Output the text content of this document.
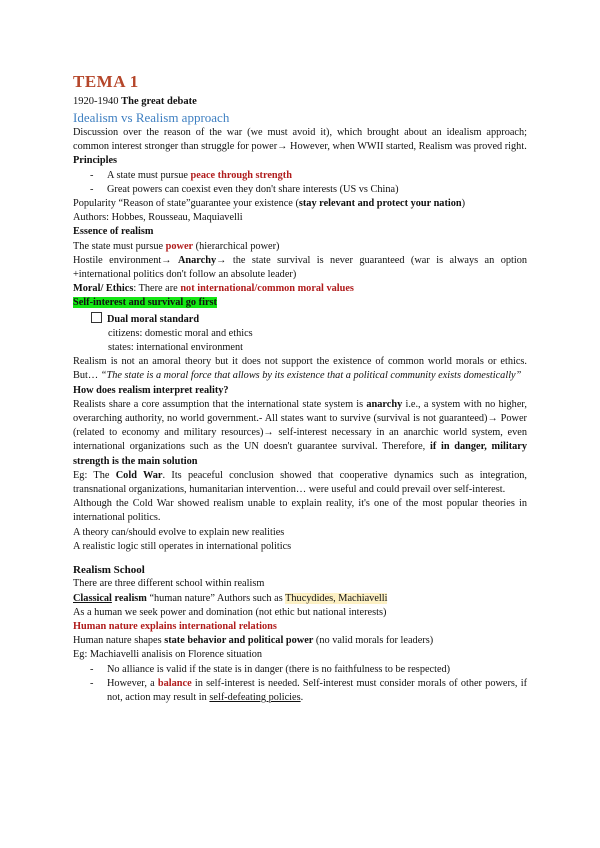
TEMA 1

1920-1940 The great debate

Idealism vs Realism approach

Discussion over the reason of the war (we must avoid it), which brought about an idealism approach; common interest stronger than struggle for power→ However, when WWII started, Realism was proved right.

Principles

- A state must pursue peace through strength
- Great powers can coexist even they don't share interests (US vs China)

Popularity “Reason of state”guarantee your existence (stay relevant and protect your nation)

Authors: Hobbes, Rousseau, Maquiavelli

Essence of realism

The state must pursue power (hierarchical power)

Hostile environment→ Anarchy→ the state survival is never guaranteed (war is always an option +international politics don't follow an absolute leader)

Moral/ Ethics: There are not international/common moral values

Self-interest and survival go first

Dual moral standard

citizens: domestic moral and ethics

states: international environment

Realism is not an amoral theory but it does not support the existence of common world morals or ethics. But… “The state is a moral force that allows by its existence that a political community exists domestically”

How does realism interpret reality?

Realists share a core assumption that the international state system is anarchy i.e., a system with no higher, overarching authority, no world government.- All states want to survive (survival is not guaranteed)→ Power (related to economy and military resources)→ self-interest necessary in an anarchic world system, even international organizations such as the UN doesn't guarantee survival. Therefore, if in danger, military strength is the main solution

Eg: The Cold War. Its peaceful conclusion showed that cooperative dynamics such as integration, transnational organizations, humanitarian intervention… were useful and could prevail over self-interest.

Although the Cold War showed realism unable to explain reality, it's one of the most popular theories in international politics.

A theory can/should evolve to explain new realities

A realistic logic still operates in international politics

Realism School

There are three different school within realism

Classical realism “human nature” Authors such as Thucydides, Machiavelli

As a human we seek power and domination (not ethic but national interests)

Human nature explains international relations

Human nature shapes state behavior and political power (no valid morals for leaders)

Eg: Machiavelli analisis on Florence situation

- No alliance is valid if the state is in danger (there is no faithfulness to be respected)
- However, a balance in self-interest is needed. Self-interest must consider morals of other powers, if not, action may result in self-defeating policies.
